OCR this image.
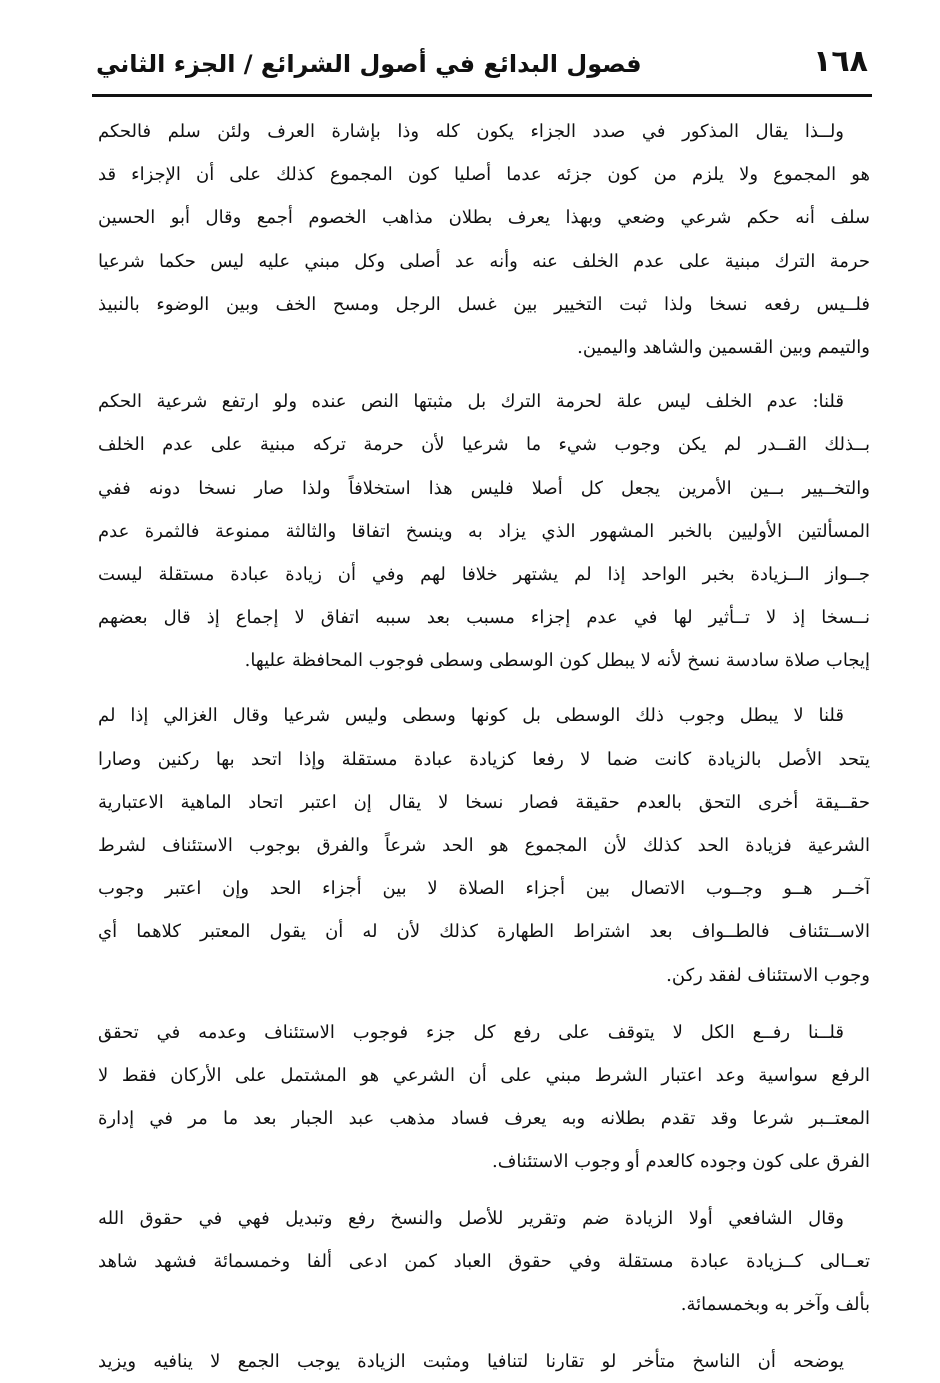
١٦٨
فصول البدائع في أصول الشرائع / الجزء الثاني
ولــذا يقال المذكور في صدد الجزاء يكون كله وذا بإشارة العرف ولئن سلم فالحكم
هو المجموع ولا يلزم من كون جزئه عدما أصليا كون المجموع كذلك على أن الإجزاء قد
سلف أنه حكم شرعي وضعي وبهذا يعرف بطلان مذاهب الخصوم أجمع وقال أبو الحسين
حرمة الترك مبنية على عدم الخلف عنه وأنه عد أصلى وكل مبني عليه ليس حكما شرعيا
فلــيس رفعه نسخا ولذا ثبت التخيير بين غسل الرجل ومسح الخف وبين الوضوء بالنبيذ
والتيمم وبين القسمين والشاهد واليمين.
قلنا: عدم الخلف ليس علة لحرمة الترك بل مثبتها النص عنده ولو ارتفع شرعية الحكم
بــذلك القــدر لم يكن وجوب شيء ما شرعيا لأن حرمة تركه مبنية على عدم الخلف
والتخــيير بــين الأمرين يجعل كل أصلا فليس هذا استخلافاً ولذا صار نسخا دونه ففي
المسألتين الأوليين بالخبر المشهور الذي يزاد به وينسخ اتفاقا والثالثة ممنوعة فالثمرة عدم
جــواز الــزيادة بخبر الواحد إذا لم يشتهر خلافا لهم وفي أن زيادة عبادة مستقلة ليست
نــسخا إذ لا تــأثير لها في عدم إجزاء مسبب بعد سببه اتفاق لا إجماع إذ قال بعضهم
إيجاب صلاة سادسة نسخ لأنه لا يبطل كون الوسطى وسطى فوجوب المحافظة عليها.
قلنا لا يبطل وجوب ذلك الوسطى بل كونها وسطى وليس شرعيا وقال الغزالي إذا لم
يتحد الأصل بالزيادة كانت ضما لا رفعا كزيادة عبادة مستقلة وإذا اتحد بها ركنين وصارا
حقــيقة أخرى التحق بالعدم حقيقة فصار نسخا لا يقال إن اعتبر اتحاد الماهية الاعتبارية
الشرعية فزيادة الحد كذلك لأن المجموع هو الحد شرعاً والفرق بوجوب الاستئناف لشرط
آخــر هــو وجــوب الاتصال بين أجزاء الصلاة لا بين أجزاء الحد وإن اعتبر وجوب
الاســتئناف فالطــواف بعد اشتراط الطهارة كذلك لأن له أن يقول المعتبر كلاهما أي
وجوب الاستئناف لفقد ركن.
قلــنا رفــع الكل لا يتوقف على رفع كل جزء فوجوب الاستئناف وعدمه في تحقق
الرفع سواسية وعد اعتبار الشرط مبني على أن الشرعي هو المشتمل على الأركان فقط لا
المعتــبر شرعا وقد تقدم بطلانه وبه يعرف فساد مذهب عبد الجبار بعد ما مر في إدارة
الفرق على كون وجوده كالعدم أو وجوب الاستئناف.
وقال الشافعي أولا الزيادة ضم وتقرير للأصل والنسخ رفع وتبديل فهي في حقوق الله
تعــالى كــزيادة عبادة مستقلة وفي حقوق العباد كمن ادعى ألفا وخمسمائة فشهد شاهد
بألف وآخر به وبخمسمائة.
يوضحه أن الناسخ متأخر لو تقارنا لتنافيا ومثبت الزيادة يوجب الجمع لا ينافيه ويزيد
